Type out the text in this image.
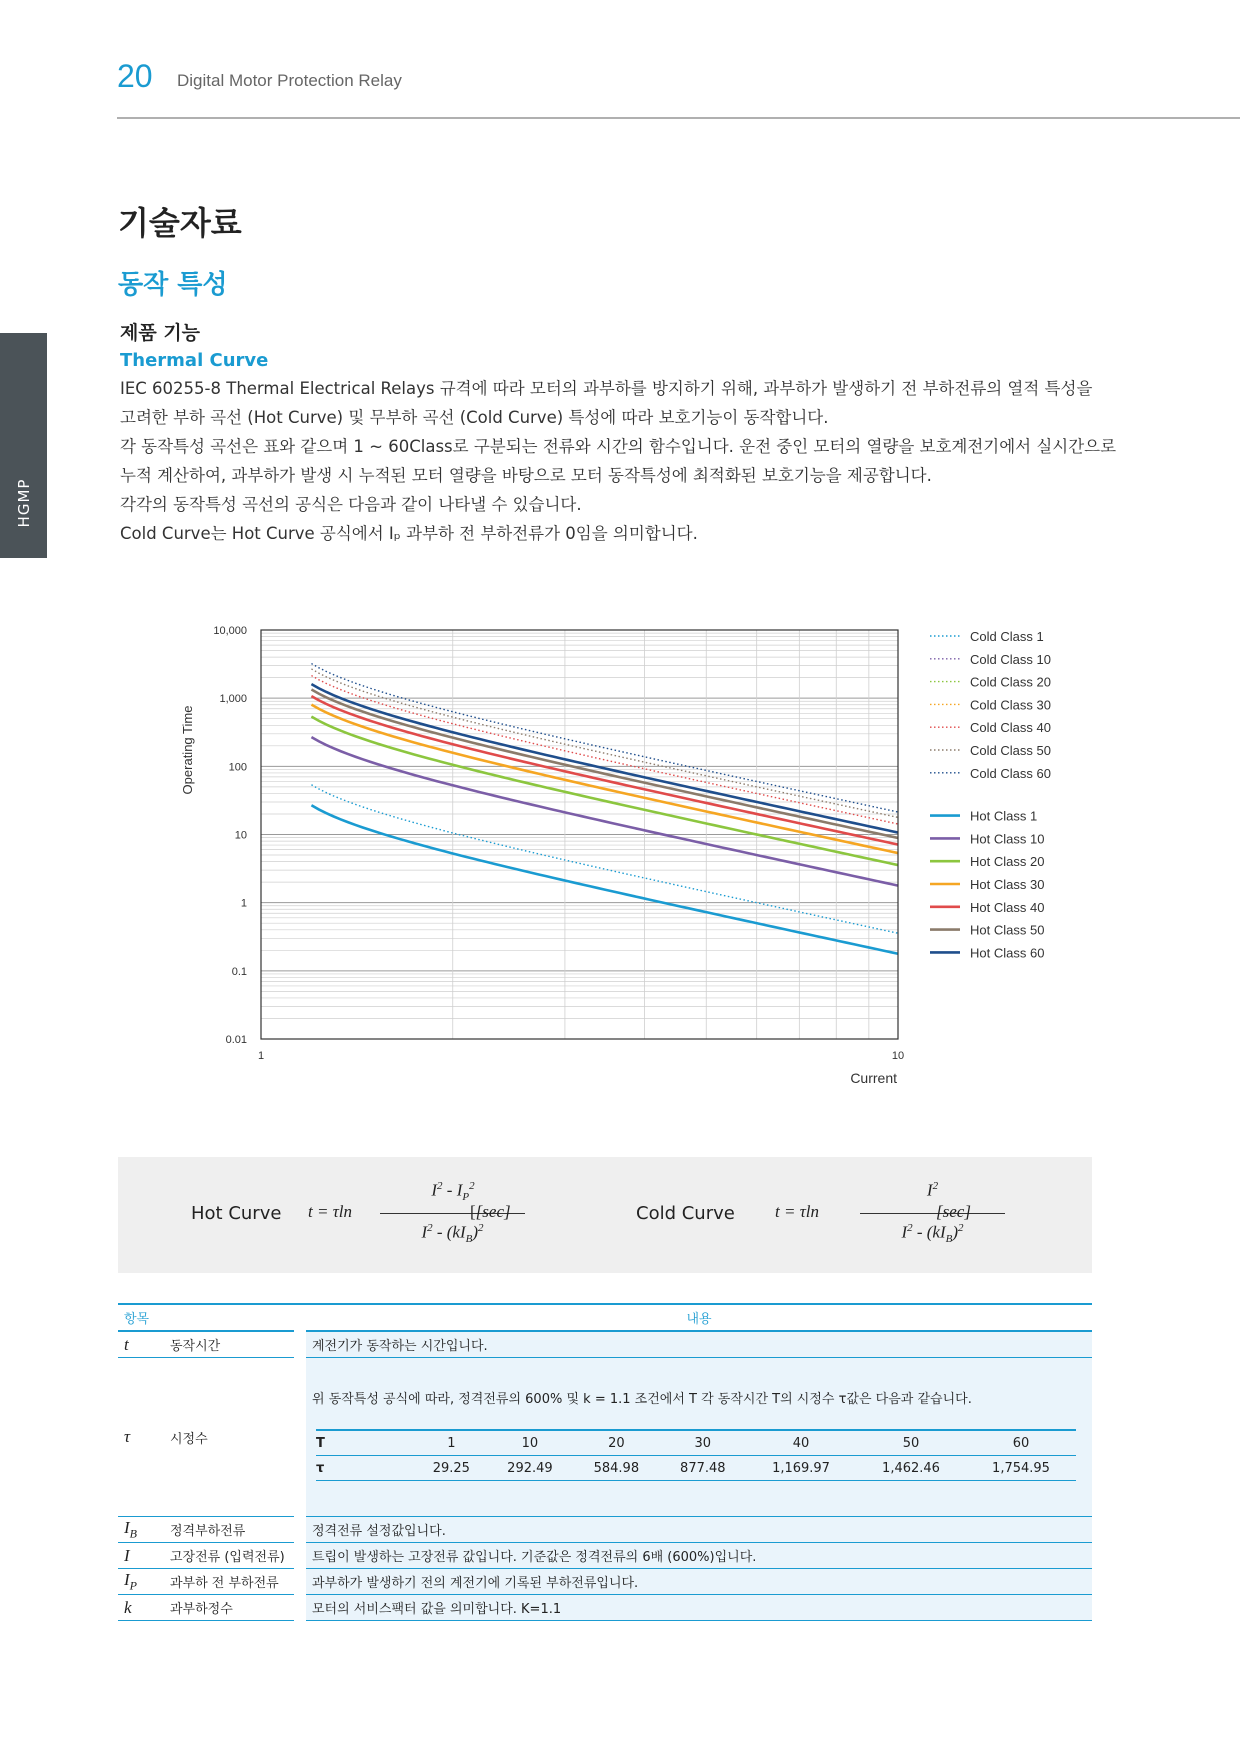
20 Digital Motor Protection Relay
HGMP
기술자료
동작 특성
제품 기능
Thermal Curve

IEC 60255-8 Thermal Electrical Relays 규격에 따라 모터의 과부하를 방지하기 위해, 과부하가 발생하기 전 부하전류의 열적 특성을

고려한 부하 곡선 (Hot Curve) 및 무부하 곡선 (Cold Curve) 특성에 따라 보호기능이 동작합니다.

각 동작특성 곡선은 표와 같으며 1 ~ 60Class로 구분되는 전류와 시간의 함수입니다. 운전 중인 모터의 열량을 보호계전기에서 실시간으로

누적 계산하여, 과부하가 발생 시 누적된 모터 열량을 바탕으로 모터 동작특성에 최적화된 보호기능을 제공합니다.

각각의 동작특성 곡선의 공식은 다음과 같이 나타낼 수 있습니다.

Cold Curve는 Hot Curve 공식에서 Iₚ 과부하 전 부하전류가 0임을 의미합니다.

10,000
1,000
100
10
1
0.1
0.01
1	10
Operating Time
Current
Cold Class 1
Cold Class 10
Cold Class 20
Cold Class 30
Cold Class 40
Cold Class 50
Cold Class 60
Hot Class 1
Hot Class 10
Hot Class 20
Hot Class 30
Hot Class 40
Hot Class 50
Hot Class 60
Hot Curve t = τln
$I^2 - I_P^2$
$I^2 - (kI_B)^2$
[[sec]	Cold Curve t = τln
$I^2$
$I^2 - (kI_B)^2$
[sec]
항목		내용
t	동작시간		계전기가 동작하는 시간입니다.
τ	시정수		
위 동작특성 공식에 따라, 정격전류의 600% 및 k = 1.1 조건에서 T 각 동작시간 T의 시정수 τ값은 다음과 같습니다.
T	1	10	20	30	40	50	60
τ	29.25	292.49	584.98	877.48	1,169.97	1,462.46	1,754.95

$I_B$	정격부하전류		정격전류 설정값입니다.
I	고장전류 (입력전류)		트립이 발생하는 고장전류 값입니다. 기준값은 정격전류의 6배 (600%)입니다.
$I_P$	과부하 전 부하전류		과부하가 발생하기 전의 계전기에 기록된 부하전류입니다.
k	과부하정수		모터의 서비스팩터 값을 의미합니다. K=1.1
